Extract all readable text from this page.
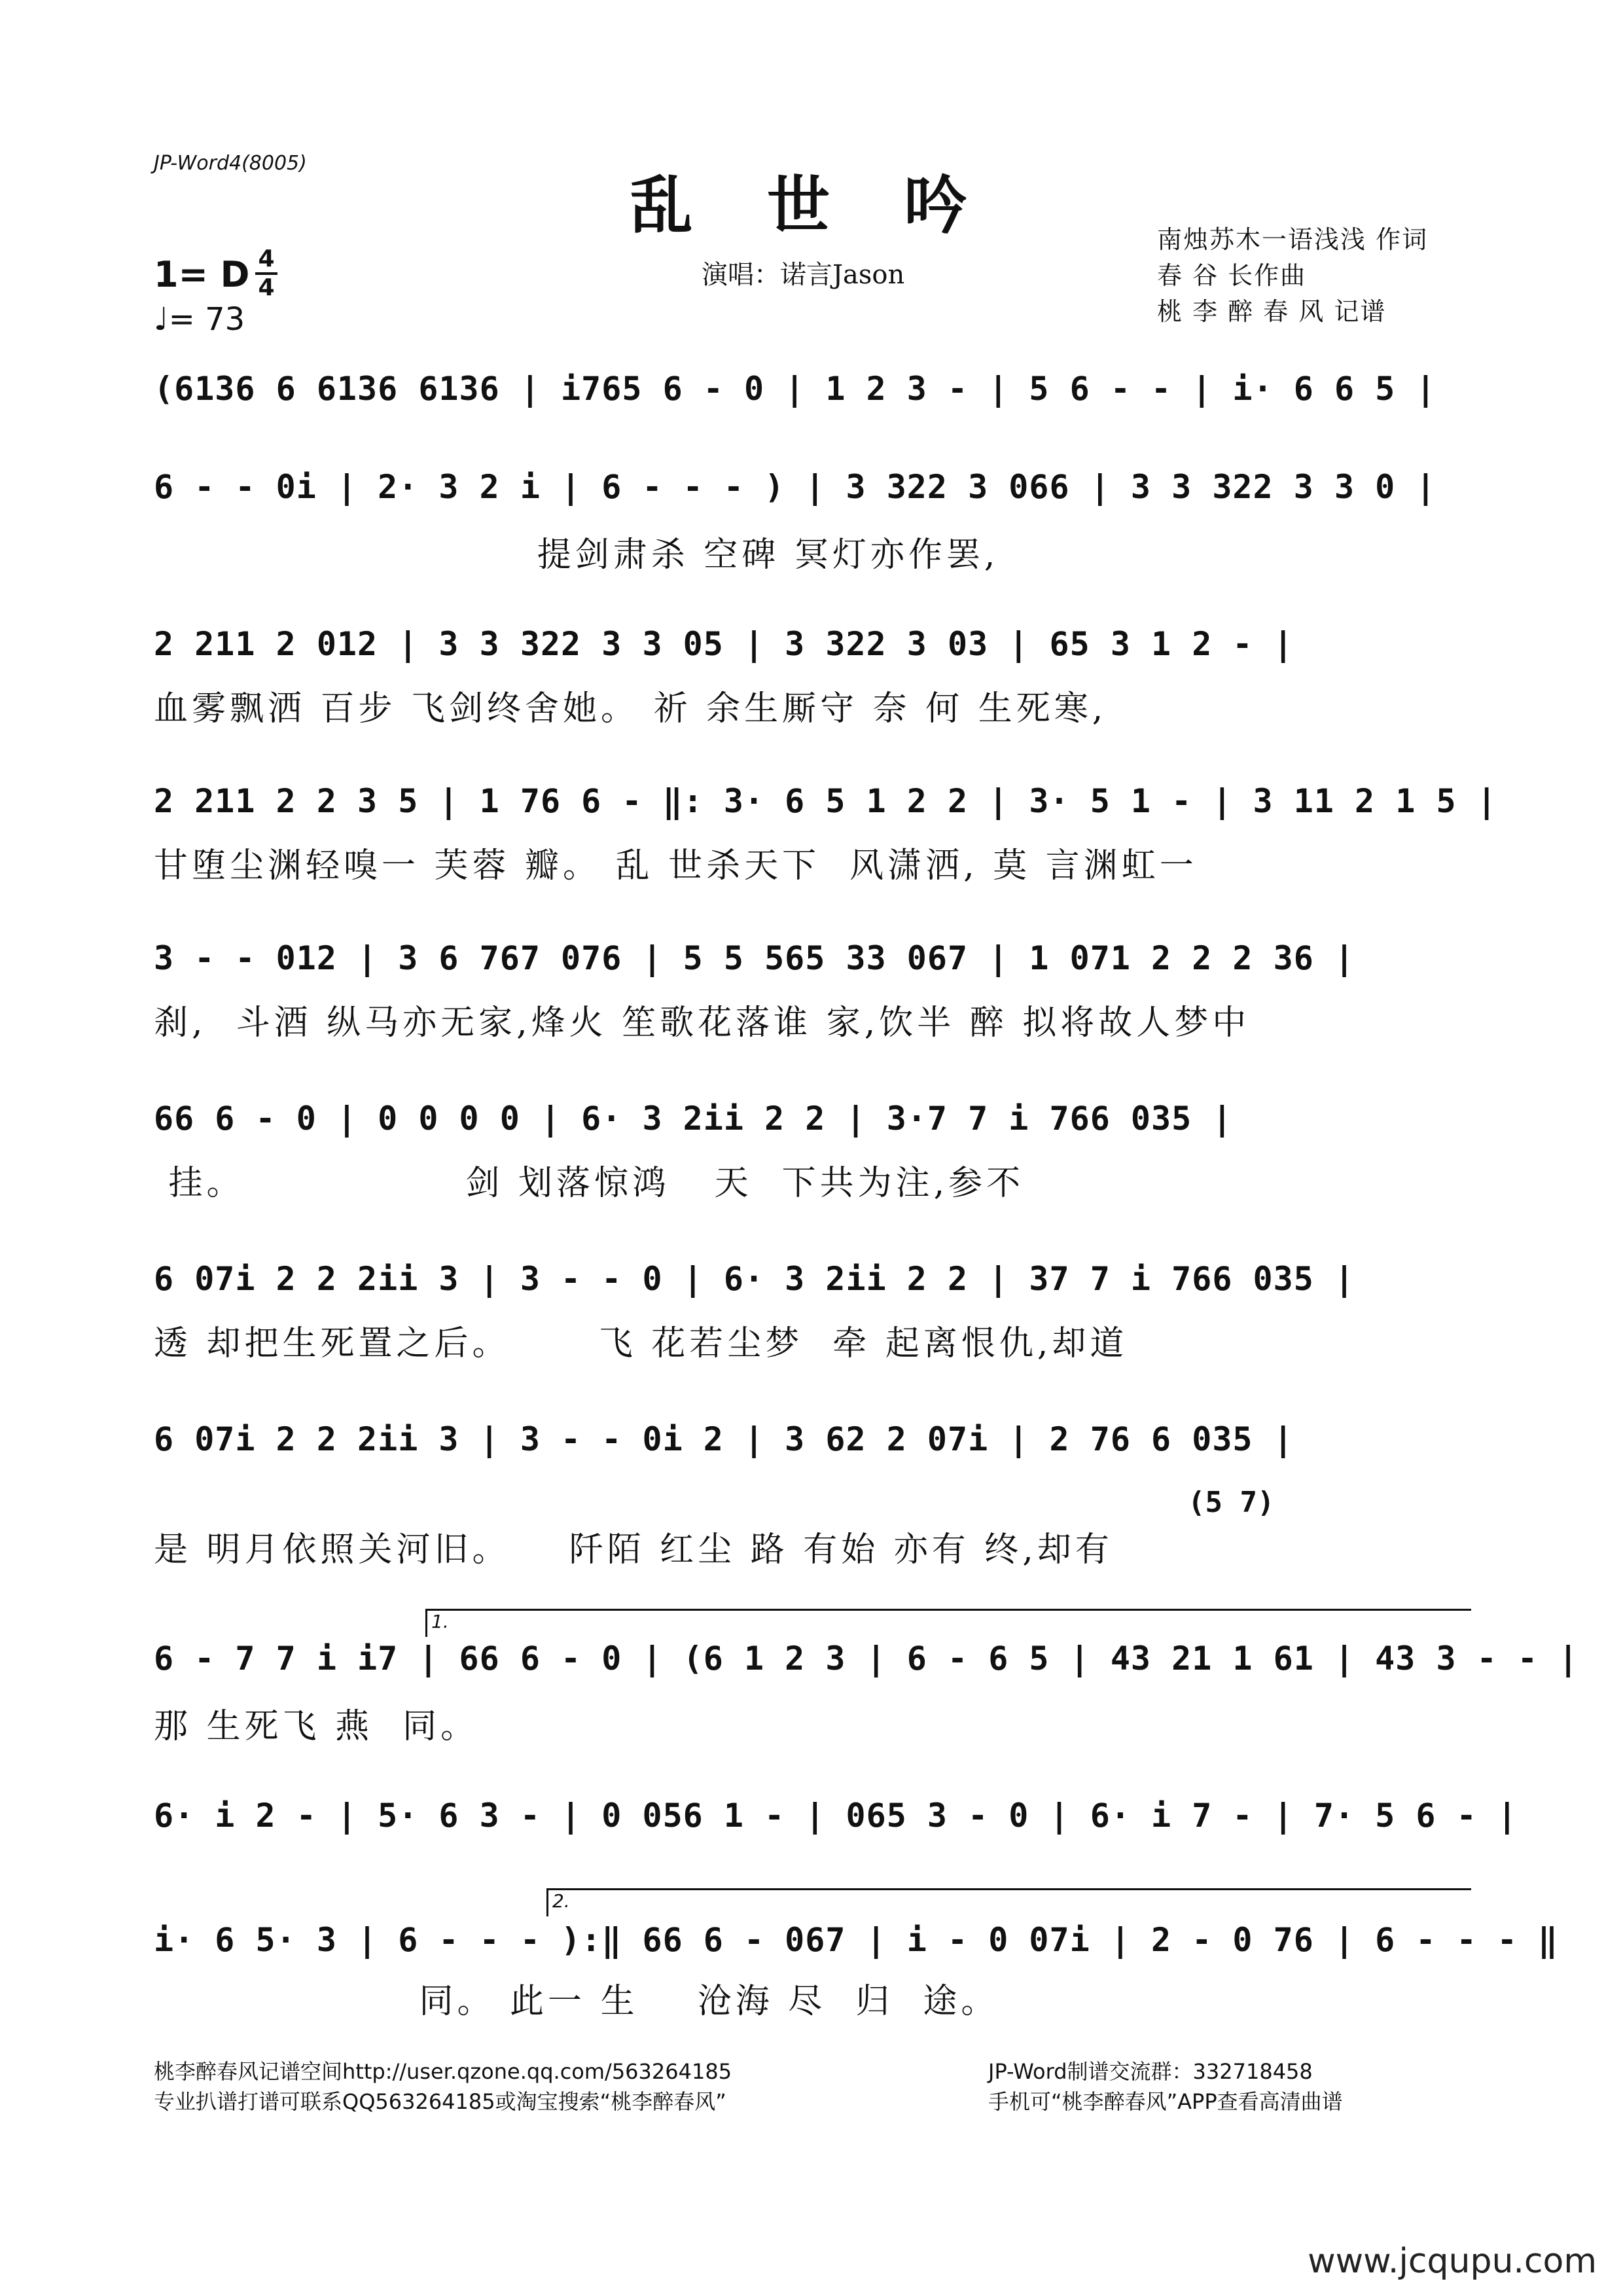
JP-Word4(8005)
乱 世 吟
1= D 4
4
♩= 73
演唱：诺言Jason
南烛苏木一语浅浅 作词
春 谷 长作曲
桃 李 醉 春 风 记谱
(6136 6 6136 6136 | i765 6 - 0 | 1 2 3 - | 5 6 - - | i· 6 6 5 |
6 - - 0i | 2· 3 2 i | 6 - - - ) | 3 322 3 066 | 3 3 322 3 3 0 |
提剑肃杀 空碑 冥灯亦作罢,
2 211 2 012 | 3 3 322 3 3 05 | 3 322 3 03 | 65 3 1 2 - |
血雾飘洒 百步 飞剑终舍她。 祈 余生厮守 奈 何 生死寒,
2 211 2 2 3 5 | 1 76 6 - ‖: 3· 6 5 1 2 2 | 3· 5 1 - | 3 11 2 1 5 |
甘堕尘渊轻嗅一 芙蓉 瓣。 乱 世杀天下  风潇洒, 莫 言渊虹一
3 - - 012 | 3 6 767 076 | 5 5 565 33 067 | 1 071 2 2 2 36 |
刹,  斗酒 纵马亦无家,烽火 笙歌花落谁 家,饮半 醉 拟将故人梦中
66 6 - 0 | 0 0 0 0 | 6· 3 2ii 2 2 | 3·7 7 i 766 035 |
挂。               剑 划落惊鸿   天  下共为注,参不
6 07i 2 2 2ii 3 | 3 - - 0 | 6· 3 2ii 2 2 | 37 7 i 766 035 |
透 却把生死置之后。      飞 花若尘梦  牵 起离恨仇,却道
6 07i 2 2 2ii 3 | 3 - - 0i 2 | 3 62 2 07i | 2 76 6 035 |
(5 7)
是 明月依照关河旧。    阡陌 红尘 路 有始 亦有 终,却有
1.
6 - 7 7 i i7 | 66 6 - 0 | (6 1 2 3 | 6 - 6 5 | 43 21 1 61 | 43 3 - - |
那 生死飞 燕  同。
6· i 2 - | 5· 6 3 - | 0 056 1 - | 065 3 - 0 | 6· i 7 - | 7· 5 6 - |
2.
i· 6 5· 3 | 6 - - - ):‖ 66 6 - 067 | i - 0 07i | 2 - 0 76 | 6 - - - ‖
同。 此一 生    沧海 尽  归  途。
桃李醉春风记谱空间http://user.qzone.qq.com/563264185
专业扒谱打谱可联系QQ563264185或淘宝搜索“桃李醉春风”
JP-Word制谱交流群：332718458
手机可“桃李醉春风”APP查看高清曲谱
www.jcqupu.com
